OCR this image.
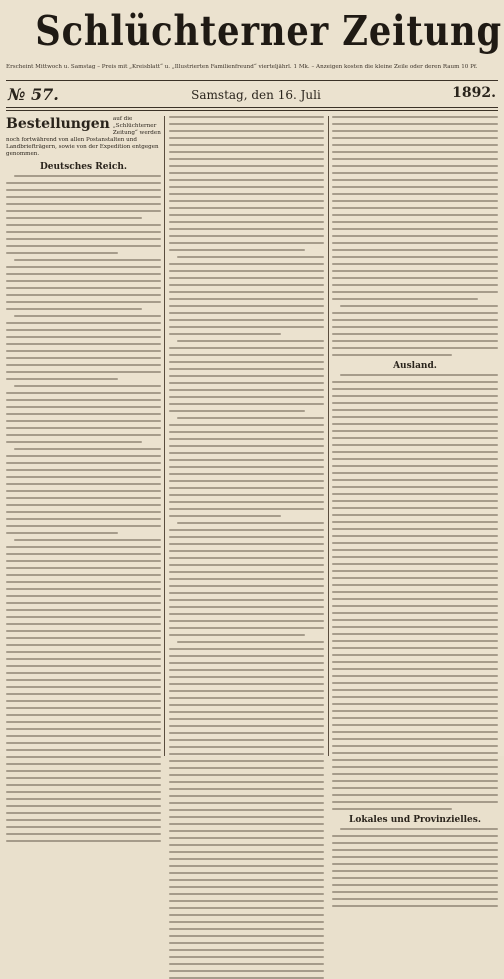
Schlüchterner Zeitung
Erscheint Mittwoch u. Samstag – Preis mit „Kreisblatt“ u. „Illustrierten Familienfreund“ vierteljährl. 1 Mk. – Anzeigen kosten die kleine Zeile oder deren Raum 10 Pf.
№ 57.	Samstag, den 16. Juli	1892.
Bestellungen auf die „Schlüchterner Zeitung“ werden noch fortwährend von allen Postanstalten und Landbriefträgern, sowie von der Expedition entgegen genommen.
Deutsches Reich.
Ausland.
Lokales und Provinzielles.
